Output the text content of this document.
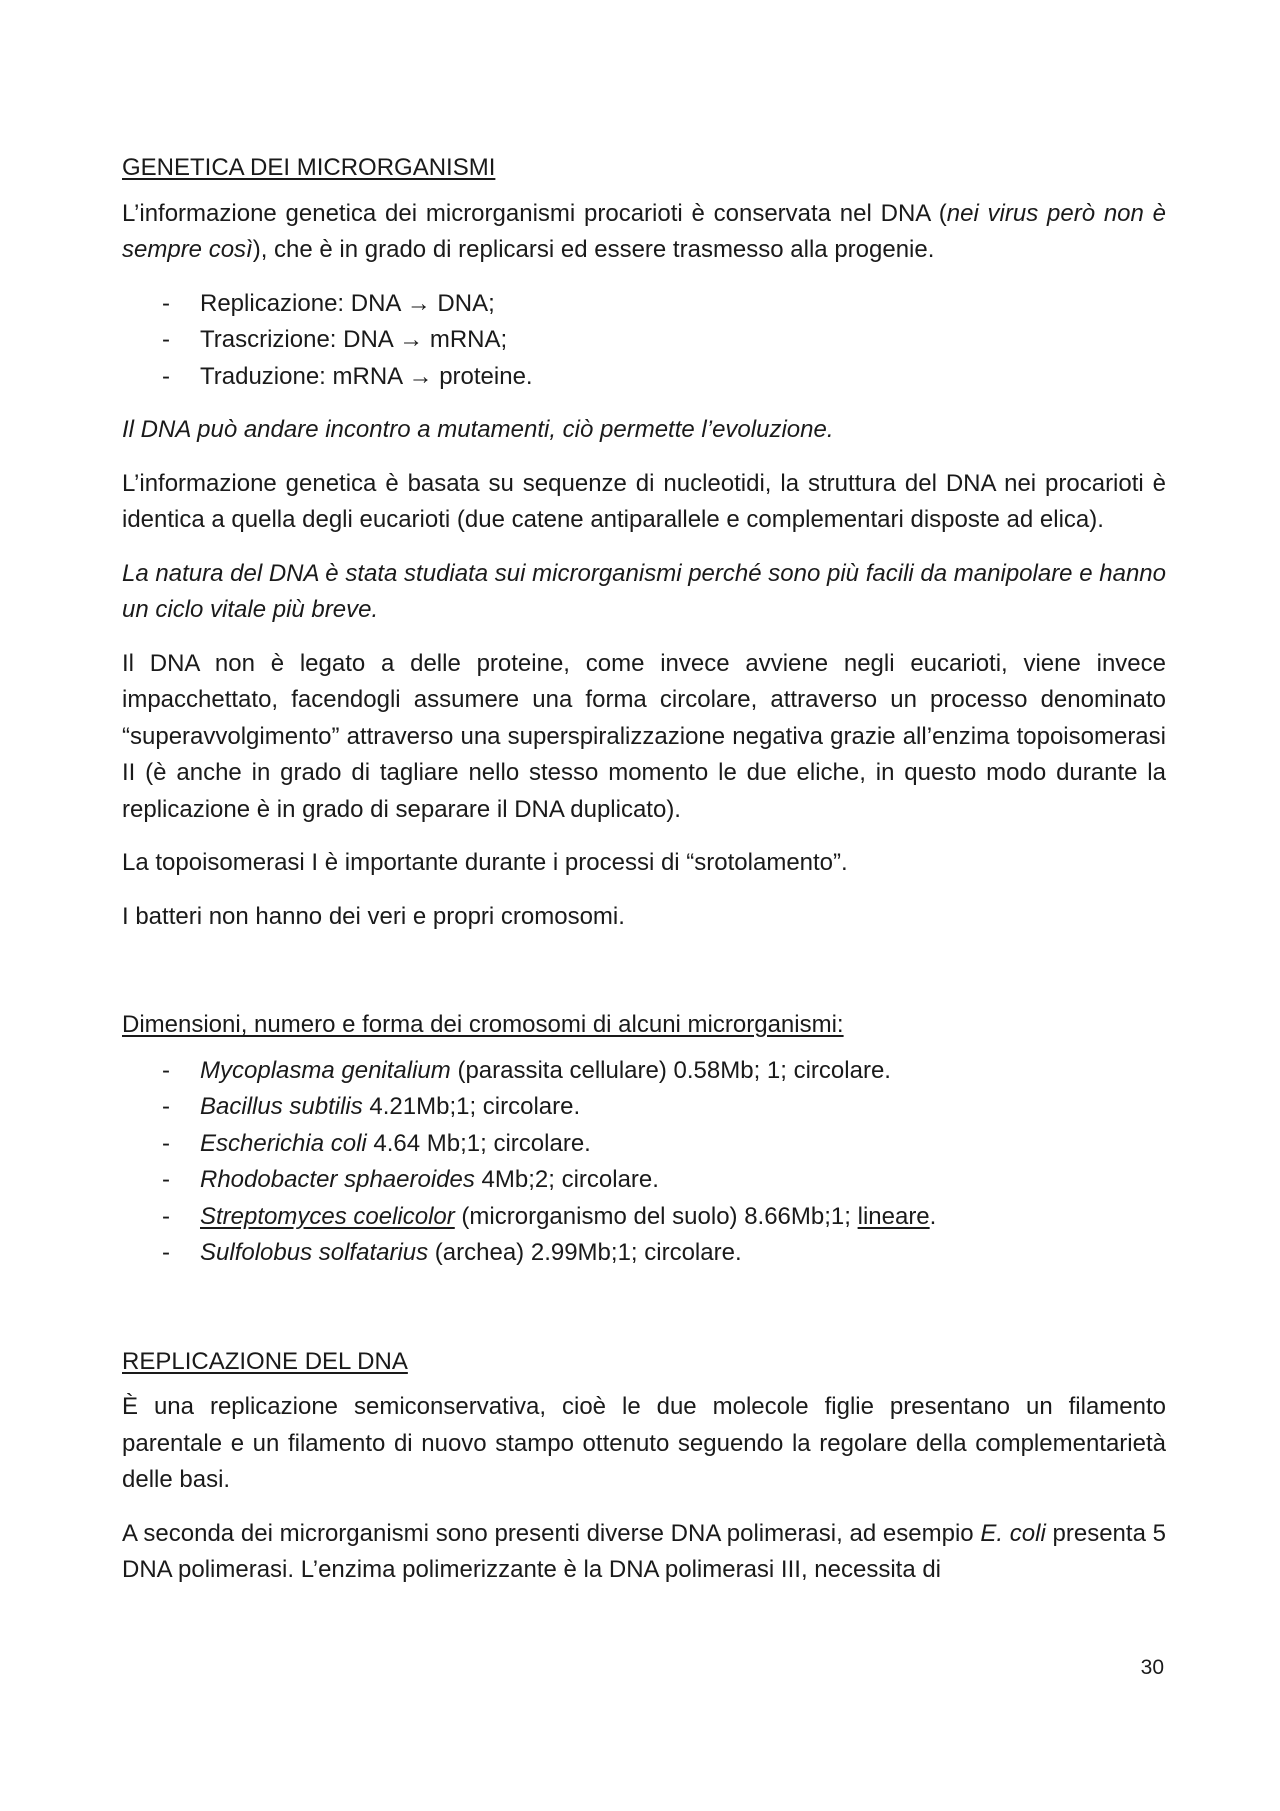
GENETICA DEI MICRORGANISMI

L’informazione genetica dei microrganismi procarioti è conservata nel DNA (nei virus però non è sempre così), che è in grado di replicarsi ed essere trasmesso alla progenie.

- Replicazione: DNA → DNA;
- Trascrizione: DNA → mRNA;
- Traduzione: mRNA → proteine.

Il DNA può andare incontro a mutamenti, ciò permette l’evoluzione.

L’informazione genetica è basata su sequenze di nucleotidi, la struttura del DNA nei procarioti è identica a quella degli eucarioti (due catene antiparallele e complementari disposte ad elica).

La natura del DNA è stata studiata sui microrganismi perché sono più facili da manipolare e hanno un ciclo vitale più breve.

Il DNA non è legato a delle proteine, come invece avviene negli eucarioti, viene invece impacchettato, facendogli assumere una forma circolare, attraverso un processo denominato “superavvolgimento” attraverso una superspiralizzazione negativa grazie all’enzima topoisomerasi II (è anche in grado di tagliare nello stesso momento le due eliche, in questo modo durante la replicazione è in grado di separare il DNA duplicato).

La topoisomerasi I è importante durante i processi di “srotolamento”.

I batteri non hanno dei veri e propri cromosomi.

Dimensioni, numero e forma dei cromosomi di alcuni microrganismi:
- Mycoplasma genitalium (parassita cellulare) 0.58Mb; 1; circolare.
- Bacillus subtilis 4.21Mb;1; circolare.
- Escherichia coli 4.64 Mb;1; circolare.
- Rhodobacter sphaeroides 4Mb;2; circolare.
- Streptomyces coelicolor (microrganismo del suolo) 8.66Mb;1; lineare.
- Sulfolobus solfatarius (archea) 2.99Mb;1; circolare.
REPLICAZIONE DEL DNA

È una replicazione semiconservativa, cioè le due molecole figlie presentano un filamento parentale e un filamento di nuovo stampo ottenuto seguendo la regolare della complementarietà delle basi.

A seconda dei microrganismi sono presenti diverse DNA polimerasi, ad esempio E. coli presenta 5 DNA polimerasi. L’enzima polimerizzante è la DNA polimerasi III, necessita di

30
